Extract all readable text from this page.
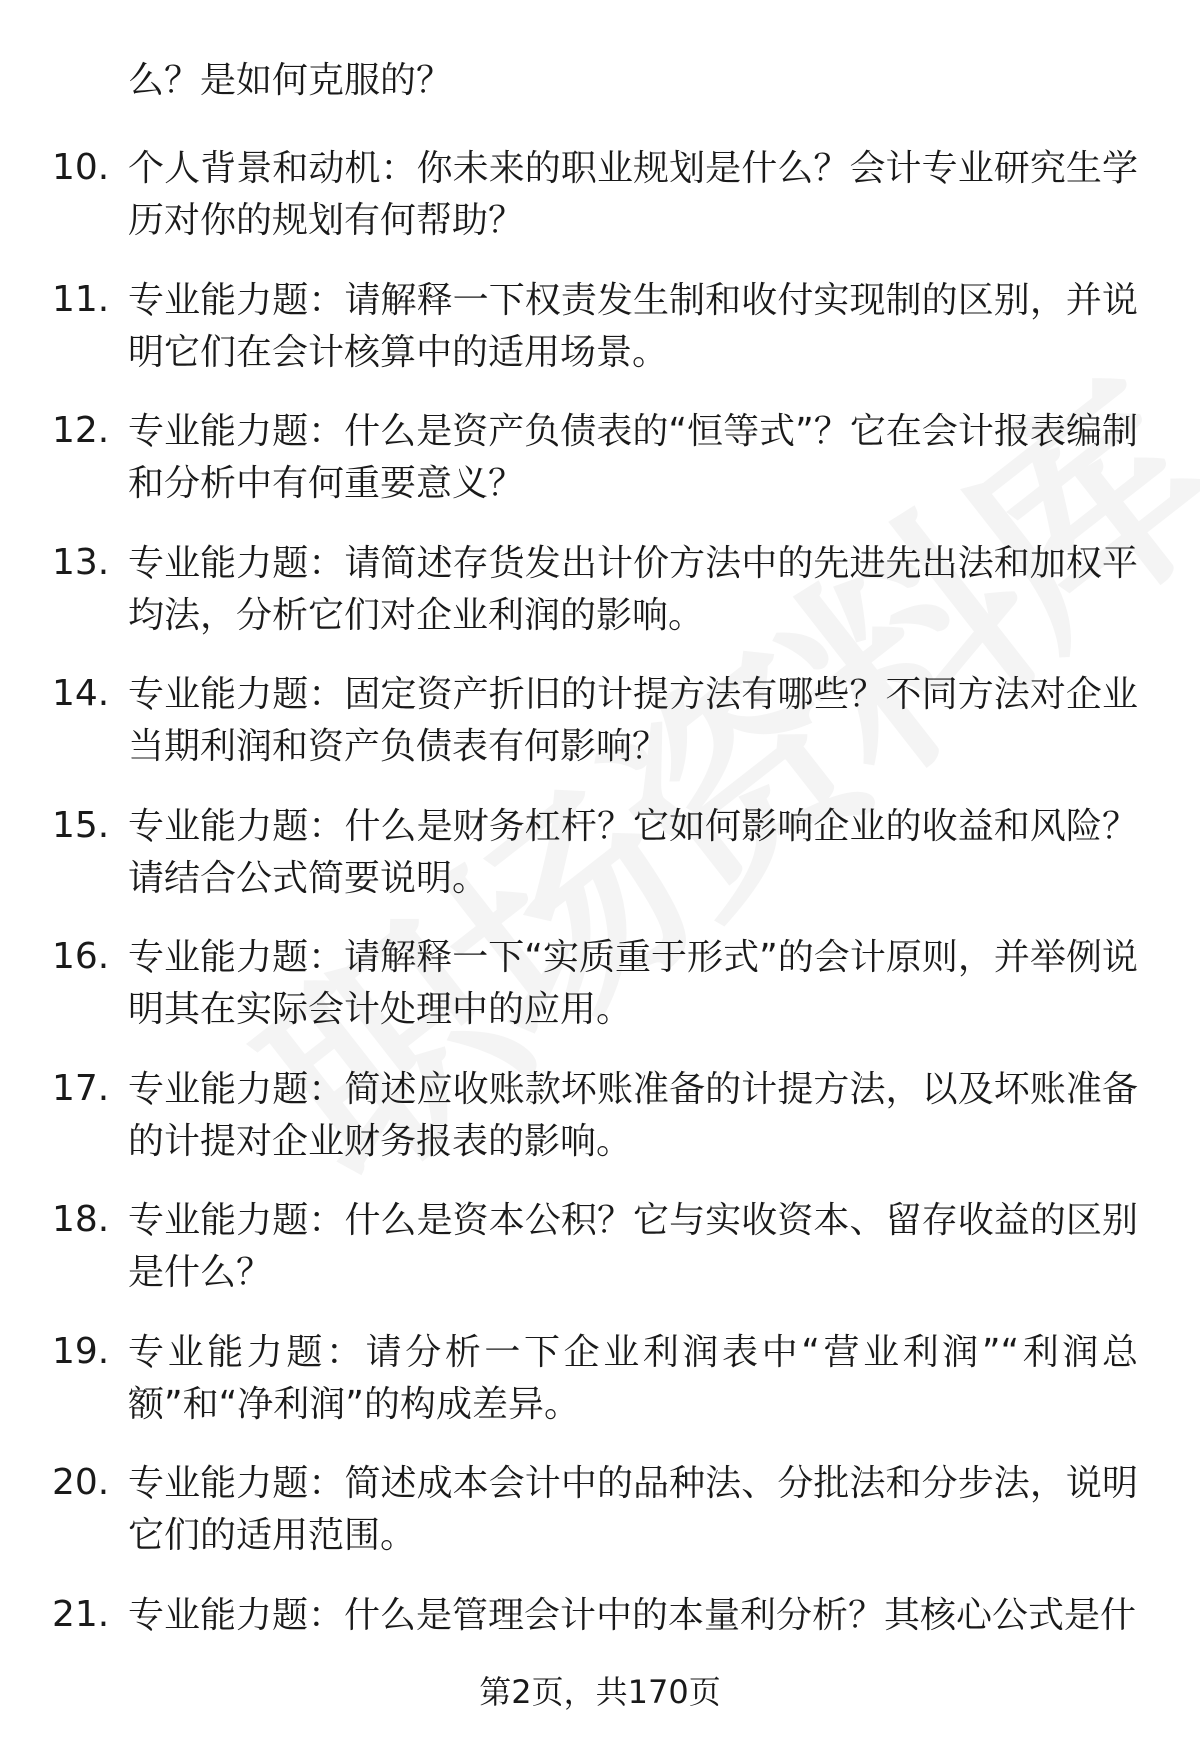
么？是如何克服的？
10. 个人背景和动机：你未来的职业规划是什么？会计专业研究生学历对你的规划有何帮助？
11. 专业能力题：请解释一下权责发生制和收付实现制的区别，并说明它们在会计核算中的适用场景。
12. 专业能力题：什么是资产负债表的“恒等式”？它在会计报表编制和分析中有何重要意义？
13. 专业能力题：请简述存货发出计价方法中的先进先出法和加权平均法，分析它们对企业利润的影响。
14. 专业能力题：固定资产折旧的计提方法有哪些？不同方法对企业当期利润和资产负债表有何影响？
15. 专业能力题：什么是财务杠杆？它如何影响企业的收益和风险？请结合公式简要说明。
16. 专业能力题：请解释一下“实质重于形式”的会计原则，并举例说明其在实际会计处理中的应用。
17. 专业能力题：简述应收账款坏账准备的计提方法，以及坏账准备的计提对企业财务报表的影响。
18. 专业能力题：什么是资本公积？它与实收资本、留存收益的区别是什么？
19. 专业能力题：请分析一下企业利润表中“营业利润”“利润总额”和“净利润”的构成差异。
20. 专业能力题：简述成本会计中的品种法、分批法和分步法，说明它们的适用范围。
21. 专业能力题：什么是管理会计中的本量利分析？其核心公式是什
第2页，共170页
